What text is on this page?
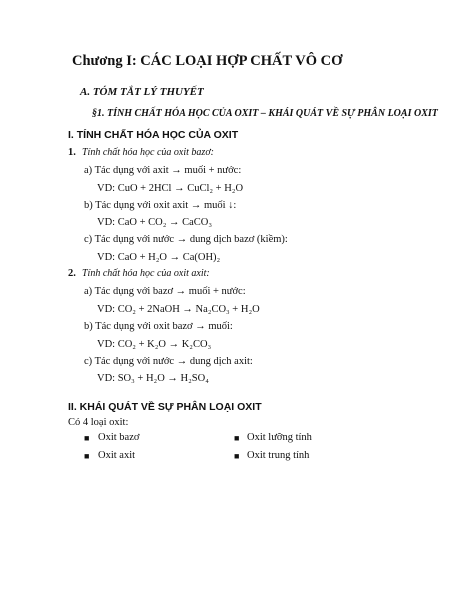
Chương I: CÁC LOẠI HỢP CHẤT VÔ CƠ
A. TÓM TẮT LÝ THUYẾT
§1. TÍNH CHẤT HÓA HỌC CỦA OXIT – KHÁI QUÁT VỀ SỰ PHÂN LOẠI OXIT
I. TÍNH CHẤT HÓA HỌC CỦA OXIT
1. Tính chất hóa học của oxit bazơ:
a) Tác dụng với axit → muối + nước:
VD: CuO + 2HCl → CuCl₂ + H₂O
b) Tác dụng với oxit axit → muối ↓:
VD: CaO + CO₂ → CaCO₃
c) Tác dụng với nước → dung dịch bazơ (kiềm):
VD: CaO + H₂O → Ca(OH)₂
2. Tính chất hóa học của oxit axit:
a) Tác dụng với bazơ → muối + nước:
VD: CO₂ + 2NaOH → Na₂CO₃ + H₂O
b) Tác dụng với oxit bazơ → muối:
VD: CO₂ + K₂O → K₂CO₃
c) Tác dụng với nước → dung dịch axit:
VD: SO₃ + H₂O → H₂SO₄
II. KHÁI QUÁT VỀ SỰ PHÂN LOẠI OXIT
Có 4 loại oxit:
■ Oxit bazơ	■ Oxit lưỡng tính
■ Oxit axit	■ Oxit trung tính
